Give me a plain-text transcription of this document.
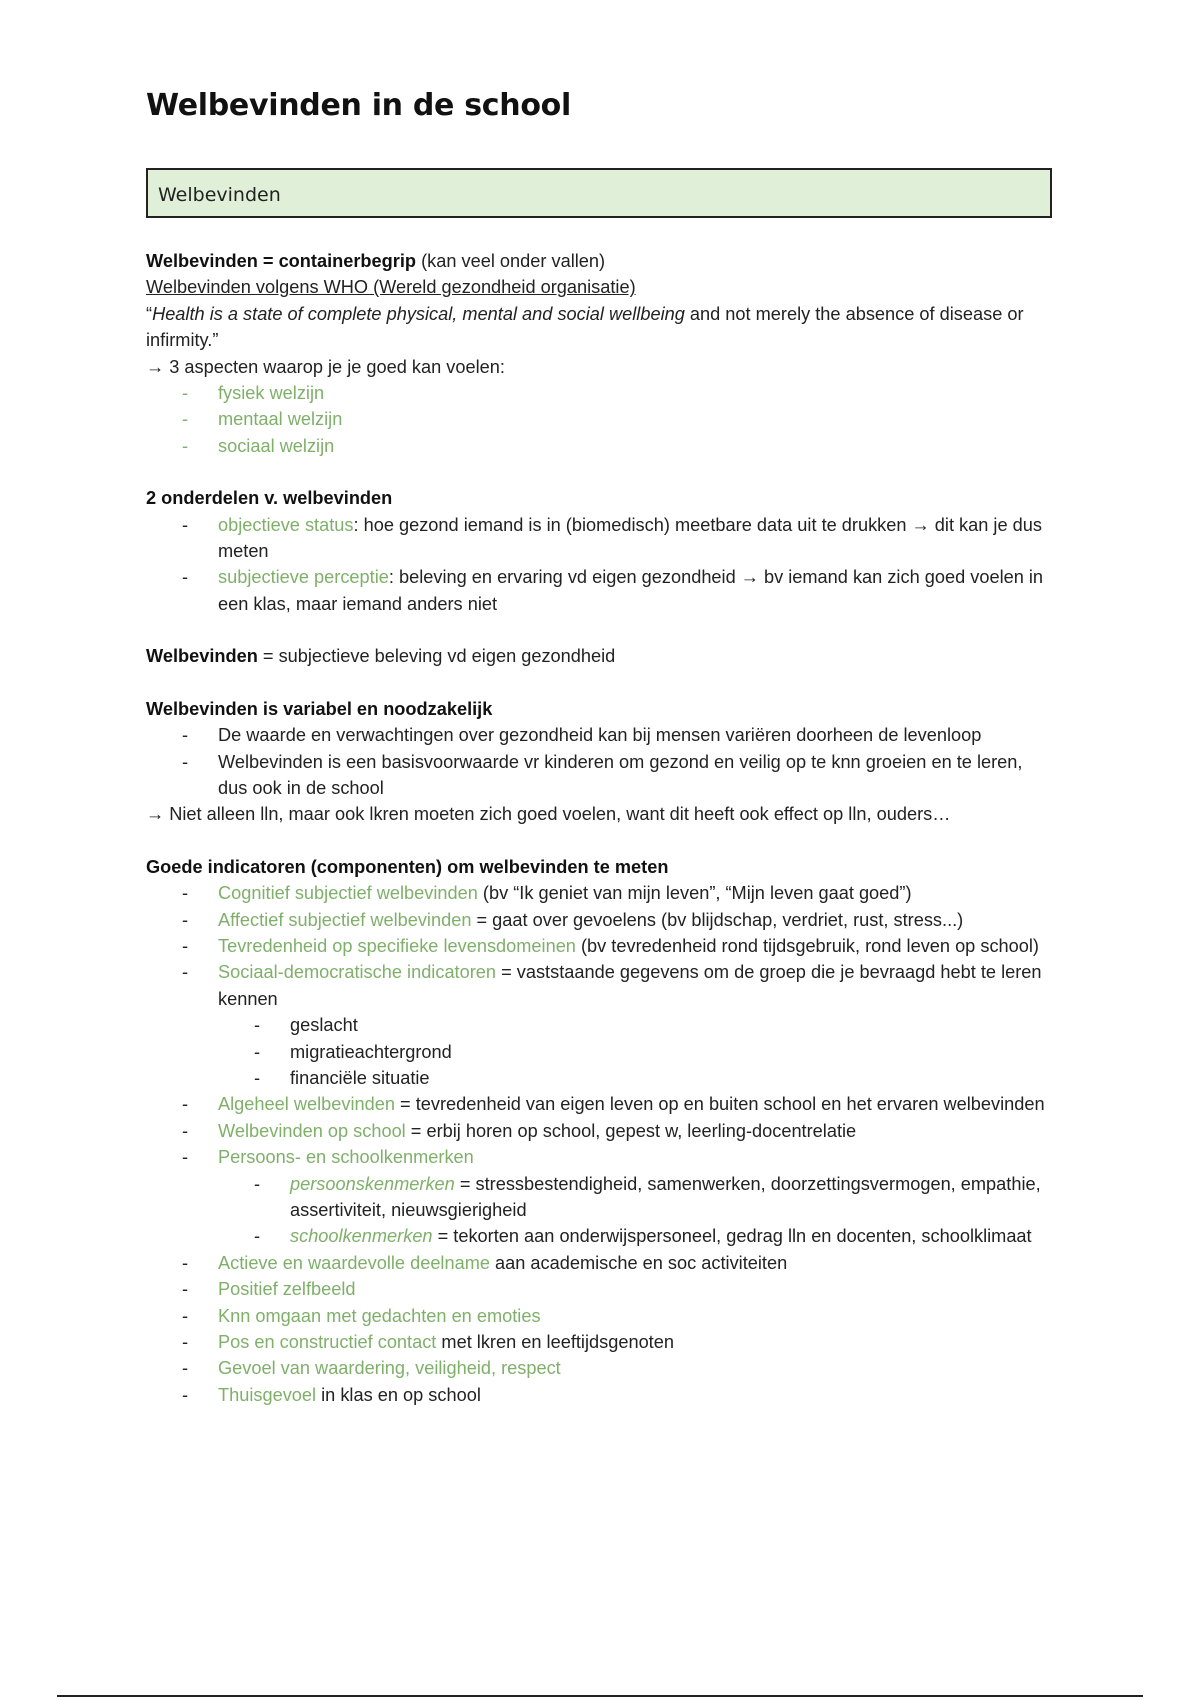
Welbevinden in de school
Welbevinden

Welbevinden = containerbegrip (kan veel onder vallen)

Welbevinden volgens WHO (Wereld gezondheid organisatie)

“Health is a state of complete physical, mental and social wellbeing and not merely the absence of disease or infirmity.”

→ 3 aspecten waarop je je goed kan voelen:

- fysiek welzijn
- mentaal welzijn
- sociaal welzijn

2 onderdelen v. welbevinden

- objectieve status: hoe gezond iemand is in (biomedisch) meetbare data uit te drukken → dit kan je dus meten
- subjectieve perceptie: beleving en ervaring vd eigen gezondheid → bv iemand kan zich goed voelen in een klas, maar iemand anders niet

Welbevinden = subjectieve beleving vd eigen gezondheid

Welbevinden is variabel en noodzakelijk

- De waarde en verwachtingen over gezondheid kan bij mensen variëren doorheen de levenloop
- Welbevinden is een basisvoorwaarde vr kinderen om gezond en veilig op te knn groeien en te leren, dus ook in de school

→ Niet alleen lln, maar ook lkren moeten zich goed voelen, want dit heeft ook effect op lln, ouders…

Goede indicatoren (componenten) om welbevinden te meten

- Cognitief subjectief welbevinden (bv “Ik geniet van mijn leven”, “Mijn leven gaat goed”)
- Affectief subjectief welbevinden = gaat over gevoelens (bv blijdschap, verdriet, rust, stress...)
- Tevredenheid op specifieke levensdomeinen (bv tevredenheid rond tijdsgebruik, rond leven op school)
- Sociaal-democratische indicatoren = vaststaande gegevens om de groep die je bevraagd hebt te leren kennen
- geslacht
- migratieachtergrond
- financiële situatie
- Algeheel welbevinden = tevredenheid van eigen leven op en buiten school en het ervaren welbevinden
- Welbevinden op school = erbij horen op school, gepest w, leerling-docentrelatie
- Persoons- en schoolkenmerken
- persoonskenmerken = stressbestendigheid, samenwerken, doorzettingsvermogen, empathie, assertiviteit, nieuwsgierigheid
- schoolkenmerken = tekorten aan onderwijspersoneel, gedrag lln en docenten, schoolklimaat
- Actieve en waardevolle deelname aan academische en soc activiteiten
- Positief zelfbeeld
- Knn omgaan met gedachten en emoties
- Pos en constructief contact met lkren en leeftijdsgenoten
- Gevoel van waardering, veiligheid, respect
- Thuisgevoel in klas en op school
